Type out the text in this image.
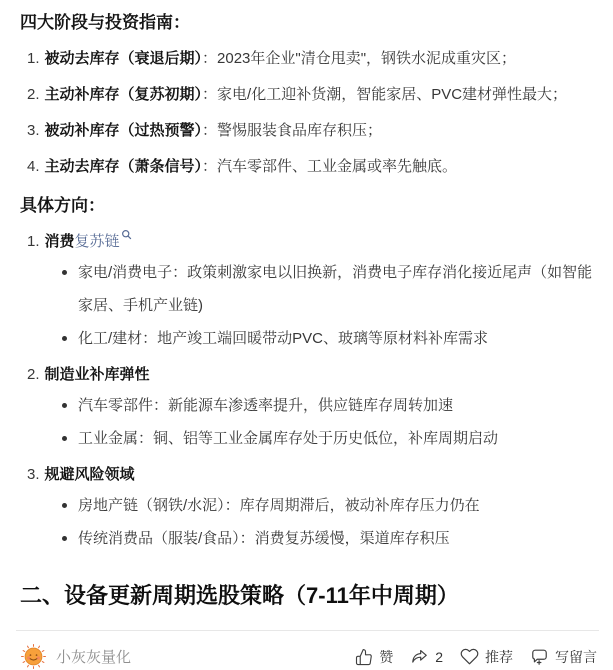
四大阶段与投资指南：
1. 被动去库存（衰退后期）：2023年企业"清仓甩卖"，钢铁水泥成重灾区；
2. 主动补库存（复苏初期）：家电/化工迎补货潮，智能家居、PVC建材弹性最大；
3. 被动补库存（过热预警）：警惕服装食品库存积压；
4. 主动去库存（萧条信号）：汽车零部件、工业金属或率先触底。
具体方向：
1. 消费复苏链
家电/消费电子：政策刺激家电以旧换新，消费电子库存消化接近尾声（如智能家居、手机产业链)
化工/建材：地产竣工端回暖带动PVC、玻璃等原材料补库需求
2. 制造业补库弹性
汽车零部件：新能源车渗透率提升，供应链库存周转加速
工业金属：铜、铝等工业金属库存处于历史低位，补库周期启动
3. 规避风险领域
房地产链（钢铁/水泥）：库存周期滞后，被动补库存压力仍在
传统消费品（服装/食品）：消费复苏缓慢，渠道库存积压
二、设备更新周期选股策略（7-11年中周期）
小灰灰量化	赞	2	推荐	写留言
